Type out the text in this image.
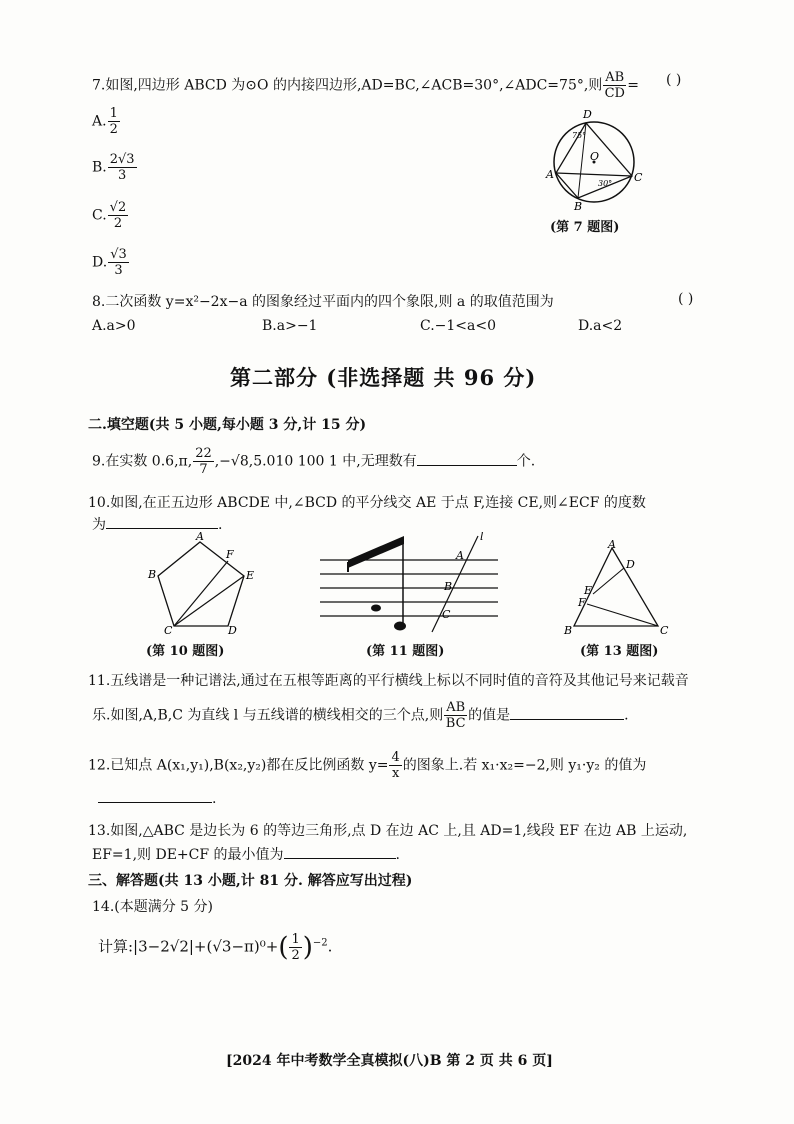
7.如图,四边形 ABCD 为⊙O 的内接四边形,AD=BC,∠ACB=30°,∠ADC=75°,则 $\frac{AB}{CD}$ = ( )
A. $\frac{1}{2}$
B. $\frac{2√3}{3}$
C. $\frac{√2}{2}$
D. $\frac{√3}{3}$
D
O
A
B
C
75°
30°
(第 7 题图)
8.二次函数 y=x²−2x−a 的图象经过平面内的四个象限,则 a 的取值范围为	( )
A.a>0	B.a>−1	C.−1<a<0	D.a<2
第二部分 (非选择题 共 96 分)
二.填空题(共 5 小题,每小题 3 分,计 15 分)
9.在实数 0.6,π, $\frac{22}{7} ,-√8,5.010$ 100 1 中,无理数有	个.
10.如图,在正五边形 ABCDE 中,∠BCD 的平分线交 AE 于点 F,连接 CE,则∠ECF 的度数
为	.
A
B
C	D
E
F
(第 10 题图)
l
A
B
C
(第 11 题图)
A
D
E
F
B	C
(第 13 题图)
11.五线谱是一种记谱法,通过在五根等距离的平行横线上标以不同时值的音符及其他记号来记载音
乐.如图,A,B,C 为直线 l 与五线谱的横线相交的三个点,则 $\frac{AB}{BC}$ 的值是	.
12.已知点 A(x₁,y₁),B(x₂,y₂)都在反比例函数 $y= \frac{4}{x}$ 的图象上.若 x₁·x₂=−2,则 y₁·y₂ 的值为
.
13.如图,△ABC 是边长为 6 的等边三角形,点 D 在边 AC 上,且 AD=1,线段 EF 在边 AB 上运动,
EF=1,则 DE+CF 的最小值为	.
三、解答题(共 13 小题,计 81 分. 解答应写出过程)
14.(本题满分 5 分)
计算:|3−2√2|+(√3−π)⁰+( $\frac{1}{2} )^{-2}$.
[2024 年中考数学全真模拟(八)B 第 2 页 共 6 页]
